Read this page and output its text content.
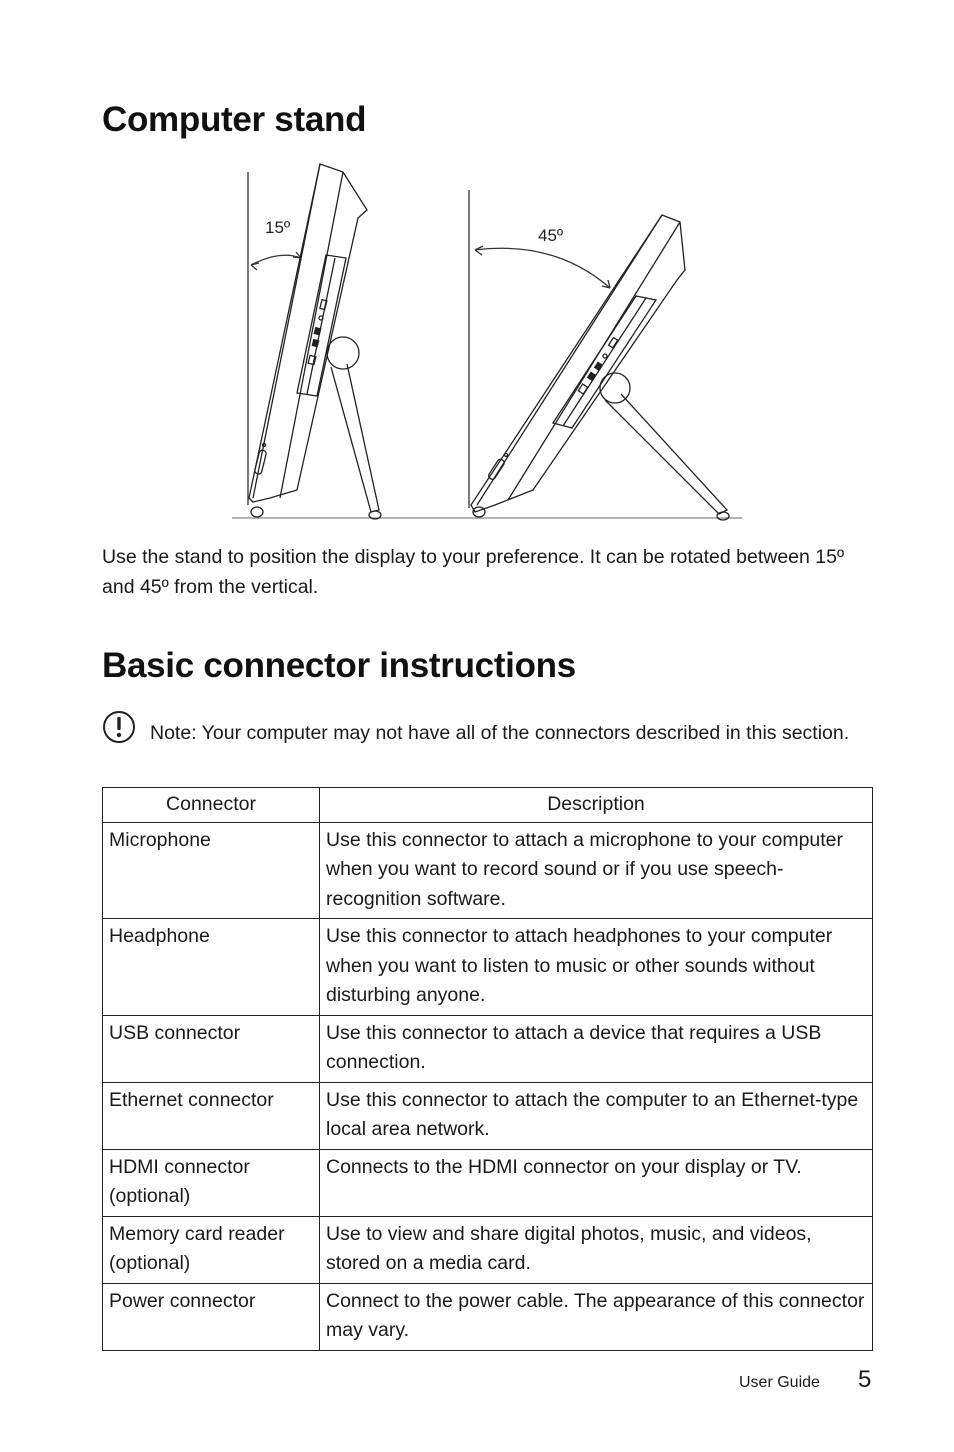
Computer stand
15º	45º

Use the stand to position the display to your preference. It can be rotated between 15º and 45º from the vertical.

Basic connector instructions

Note: Your computer may not have all of the connectors described in this section.

Connector	Description
Microphone	Use this connector to attach a microphone to your computer when you want to record sound or if you use speech-recognition software.
Headphone	Use this connector to attach headphones to your computer when you want to listen to music or other sounds without disturbing anyone.
USB connector	Use this connector to attach a device that requires a USB connection.
Ethernet connector	Use this connector to attach the computer to an Ethernet-type local area network.
HDMI connector (optional)	Connects to the HDMI connector on your display or TV.
Memory card reader (optional)	Use to view and share digital photos, music, and videos, stored on a media card.
Power connector	Connect to the power cable. The appearance of this connector may vary.
User Guide 5
